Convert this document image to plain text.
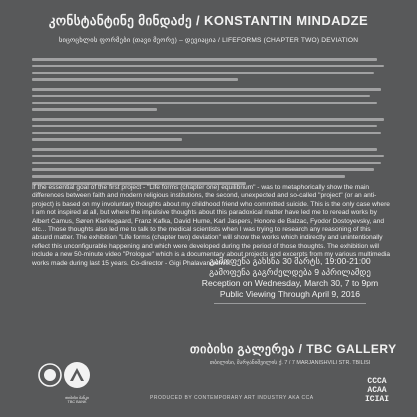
კონსტანტინე მინდაძე / KONSTANTIN MINDADZE
სიცოცხლის ფორმები (თავი მეორე) – დევიაცია / LIFEFORMS (CHAPTER TWO) DEVIATION

If the essential goal of the first project - "Life forms (chapter one) equilibrium" - was to metaphorically show the main differences between faith and modern religious institutions, the second, unexpected and so-called "project" (or an anti-project) is based on my involuntary thoughts about my childhood friend who committed suicide. This is the only case where I am not inspired at all, but where the impulsive thoughts about this paradoxical matter have led me to reread works by Albert Camus, Søren Kierkegaard, Franz Kafka, David Hume, Karl Jaspers, Honore de Balzac, Fyodor Dostoyevsky, and etc... Those thoughts also led me to talk to the medical scientists when I was trying to research any reasoning of this absurd matter. The exhibition "Life forms (chapter two) deviation" will show the works which indirectly and unintentionally reflect this unconfigurable happening and which were developed during the period of those thoughts. The exhibition will include a new 50-minute video "Prologue" which is a documentary about projects and excerpts from my various multimedia works made during last 15 years. Co-director - Gigi Phalavandishvili.

გამოფენა გახსნა 30 მარტს, 19:00-21:00
გამოფენა გაგრძელდება 9 აპრილამდე
Reception on Wednesday, March 30, 7 to 9pm
Public Viewing Through April 9, 2016
თიბისი გალერეა / TBC GALLERY
თბილისი, მარჯანიშვილის ქ. 7 / 7 MARJANISHVILI STR. TBILISI
თიბისი ბანკი
TBC BANK
PRODUCED BY CONTEMPORARY ART INDUSTRY AKA CCA
CCCA
ACAA
ICIAI
